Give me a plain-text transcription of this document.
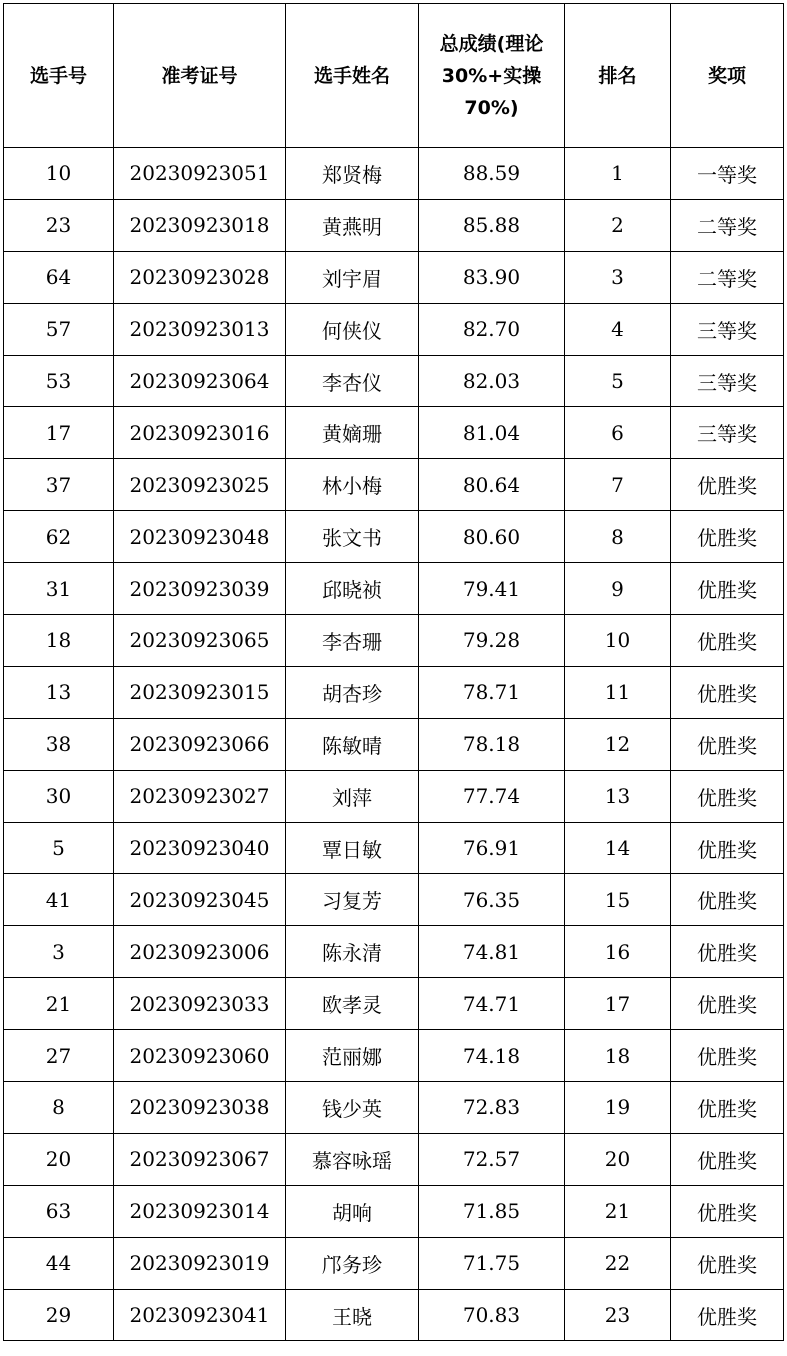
选手号	准考证号	选手姓名	总成绩(理论 30%+实操70%)	排名	奖项
10	20230923051	郑贤梅	88.59	1	一等奖
23	20230923018	黄燕明	85.88	2	二等奖
64	20230923028	刘宇眉	83.90	3	二等奖
57	20230923013	何侠仪	82.70	4	三等奖
53	20230923064	李杏仪	82.03	5	三等奖
17	20230923016	黄嫡珊	81.04	6	三等奖
37	20230923025	林小梅	80.64	7	优胜奖
62	20230923048	张文书	80.60	8	优胜奖
31	20230923039	邱晓祯	79.41	9	优胜奖
18	20230923065	李杏珊	79.28	10	优胜奖
13	20230923015	胡杏珍	78.71	11	优胜奖
38	20230923066	陈敏晴	78.18	12	优胜奖
30	20230923027	刘萍	77.74	13	优胜奖
5	20230923040	覃日敏	76.91	14	优胜奖
41	20230923045	习复芳	76.35	15	优胜奖
3	20230923006	陈永清	74.81	16	优胜奖
21	20230923033	欧孝灵	74.71	17	优胜奖
27	20230923060	范丽娜	74.18	18	优胜奖
8	20230923038	钱少英	72.83	19	优胜奖
20	20230923067	慕容咏瑶	72.57	20	优胜奖
63	20230923014	胡响	71.85	21	优胜奖
44	20230923019	邝务珍	71.75	22	优胜奖
29	20230923041	王晓	70.83	23	优胜奖
